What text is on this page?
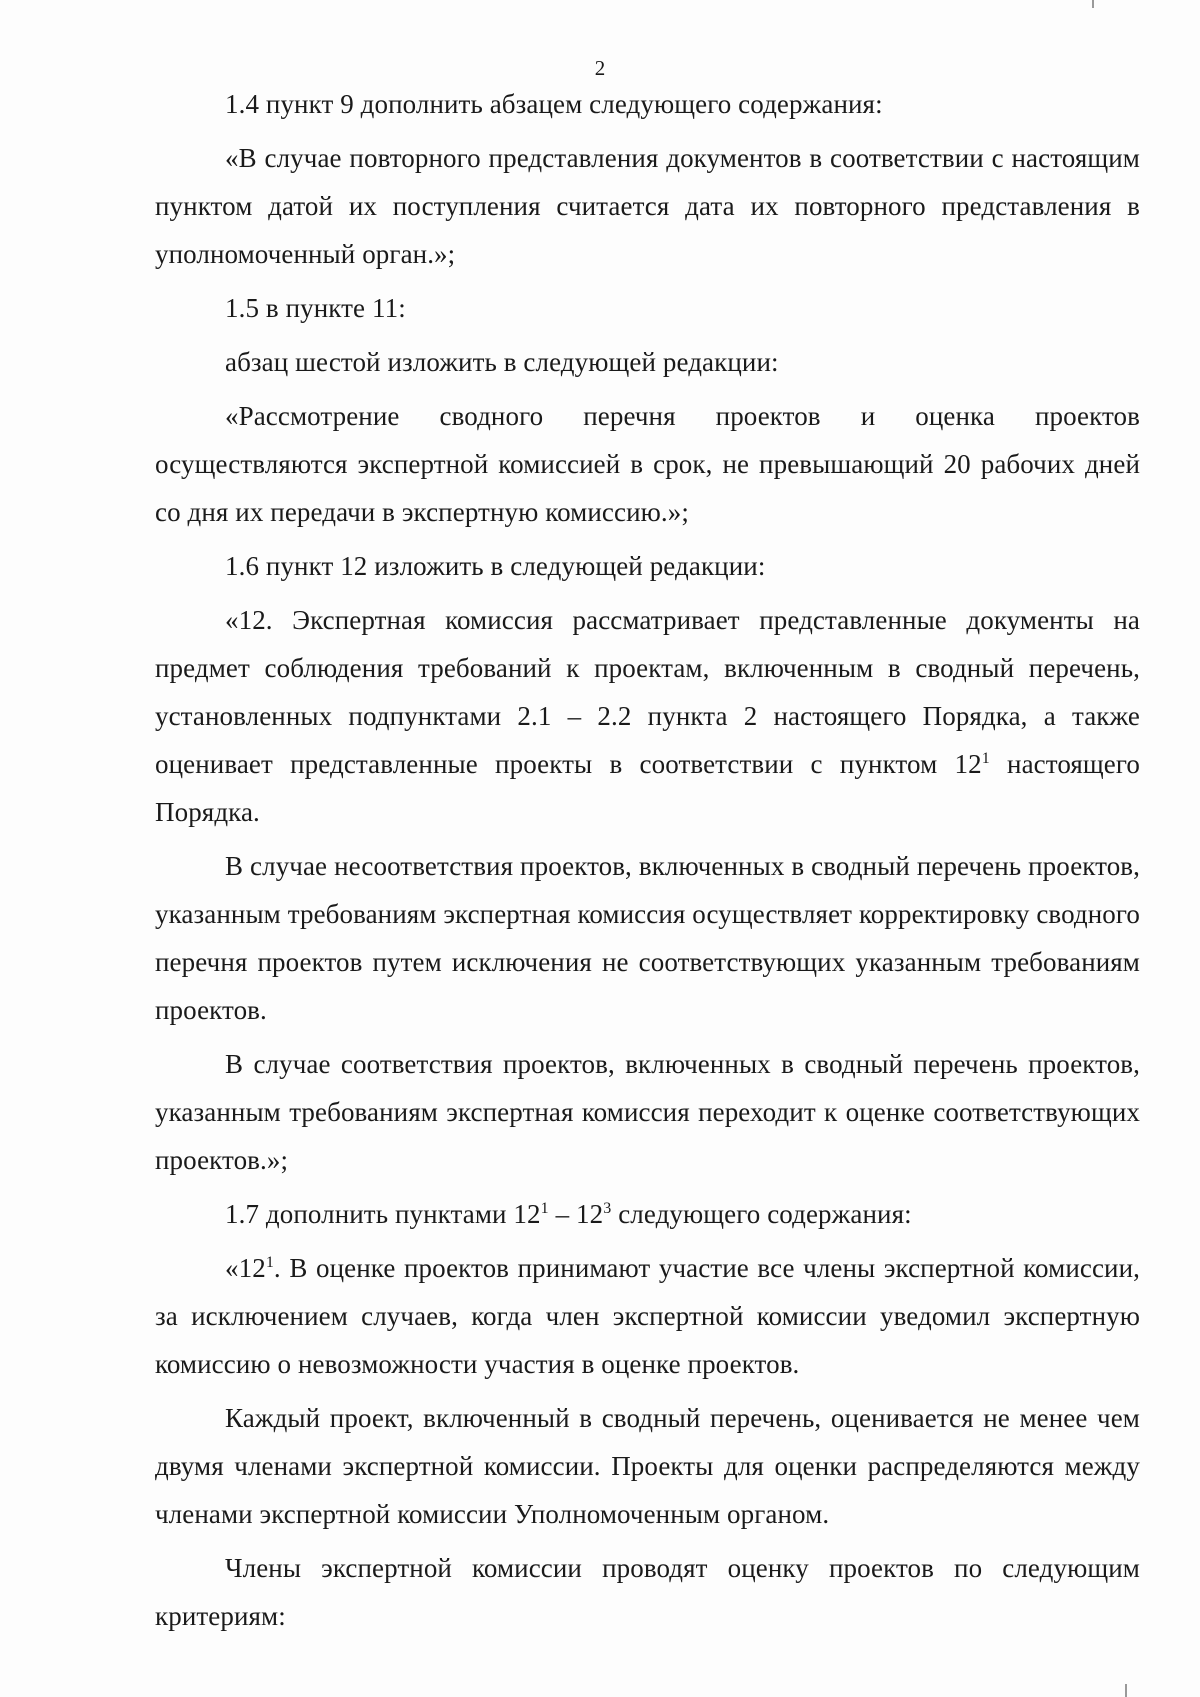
2

1.4 пункт 9 дополнить абзацем следующего содержания:

«В случае повторного представления документов в соответствии с настоящим пунктом датой их поступления считается дата их повторного представления в уполномоченный орган.»;

1.5 в пункте 11:

абзац шестой изложить в следующей редакции:

«Рассмотрение сводного перечня проектов и оценка проектов осуществляются экспертной комиссией в срок, не превышающий 20 рабочих дней со дня их передачи в экспертную комиссию.»;

1.6 пункт 12 изложить в следующей редакции:

«12. Экспертная комиссия рассматривает представленные документы на предмет соблюдения требований к проектам, включенным в сводный перечень, установленных подпунктами 2.1 – 2.2 пункта 2 настоящего Порядка, а также оценивает представленные проекты в соответствии с пунктом $12^1$ настоящего Порядка.

В случае несоответствия проектов, включенных в сводный перечень проектов, указанным требованиям экспертная комиссия осуществляет корректировку сводного перечня проектов путем исключения не соответствующих указанным требованиям проектов.

В случае соответствия проектов, включенных в сводный перечень проектов, указанным требованиям экспертная комиссия переходит к оценке соответствующих проектов.»;

1.7 дополнить пунктами $12^1 - 12^3$ следующего содержания:

«$12^1$. В оценке проектов принимают участие все члены экспертной комиссии, за исключением случаев, когда член экспертной комиссии уведомил экспертную комиссию о невозможности участия в оценке проектов.

Каждый проект, включенный в сводный перечень, оценивается не менее чем двумя членами экспертной комиссии. Проекты для оценки распределяются между членами экспертной комиссии Уполномоченным органом.

Члены экспертной комиссии проводят оценку проектов по следующим критериям:
